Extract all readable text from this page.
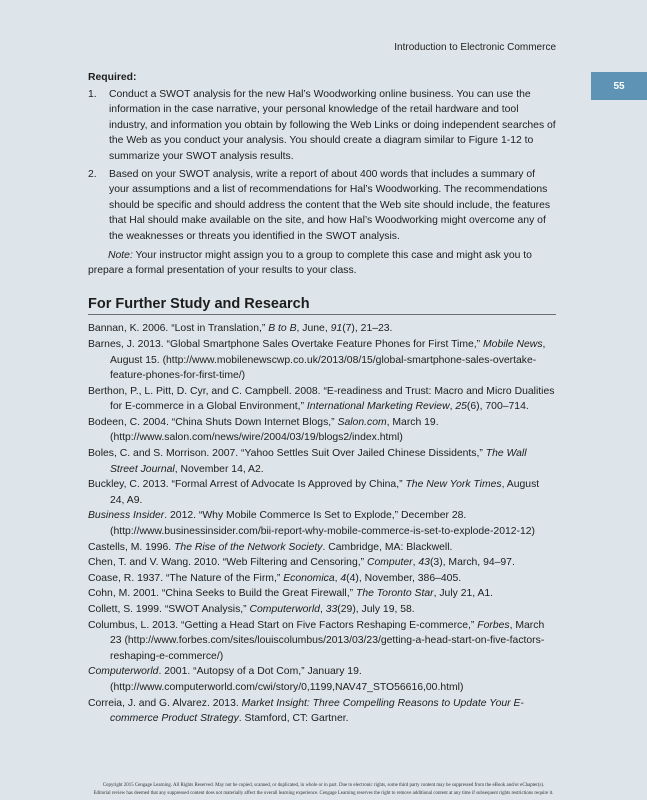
Introduction to Electronic Commerce
55
Required:
1.	Conduct a SWOT analysis for the new Hal’s Woodworking online business. You can use the information in the case narrative, your personal knowledge of the retail hardware and tool industry, and information you obtain by following the Web Links or doing independent searches of the Web as you conduct your analysis. You should create a diagram similar to Figure 1-12 to summarize your SWOT analysis results.
2.	Based on your SWOT analysis, write a report of about 400 words that includes a summary of your assumptions and a list of recommendations for Hal’s Woodworking. The recommendations should be specific and should address the content that the Web site should include, the features that Hal should make available on the site, and how Hal’s Woodworking might overcome any of the weaknesses or threats you identified in the SWOT analysis.
Note: Your instructor might assign you to a group to complete this case and might ask you to prepare a formal presentation of your results to your class.
For Further Study and Research
Bannan, K. 2006. “Lost in Translation,” B to B, June, 91(7), 21–23.
Barnes, J. 2013. “Global Smartphone Sales Overtake Feature Phones for First Time,” Mobile News, August 15. (http://www.mobilenewscwp.co.uk/2013/08/15/global-smartphone-sales-overtake-feature-phones-for-first-time/)
Berthon, P., L. Pitt, D. Cyr, and C. Campbell. 2008. “E-readiness and Trust: Macro and Micro Dualities for E-commerce in a Global Environment,” International Marketing Review, 25(6), 700–714.
Bodeen, C. 2004. “China Shuts Down Internet Blogs,” Salon.com, March 19. (http://www.salon.com/news/wire/2004/03/19/blogs2/index.html)
Boles, C. and S. Morrison. 2007. “Yahoo Settles Suit Over Jailed Chinese Dissidents,” The Wall Street Journal, November 14, A2.
Buckley, C. 2013. “Formal Arrest of Advocate Is Approved by China,” The New York Times, August 24, A9.
Business Insider. 2012. “Why Mobile Commerce Is Set to Explode,” December 28. (http://www.businessinsider.com/bii-report-why-mobile-commerce-is-set-to-explode-2012-12)
Castells, M. 1996. The Rise of the Network Society. Cambridge, MA: Blackwell.
Chen, T. and V. Wang. 2010. “Web Filtering and Censoring,” Computer, 43(3), March, 94–97.
Coase, R. 1937. “The Nature of the Firm,” Economica, 4(4), November, 386–405.
Cohn, M. 2001. “China Seeks to Build the Great Firewall,” The Toronto Star, July 21, A1.
Collett, S. 1999. “SWOT Analysis,” Computerworld, 33(29), July 19, 58.
Columbus, L. 2013. “Getting a Head Start on Five Factors Reshaping E-commerce,” Forbes, March 23 (http://www.forbes.com/sites/louiscolumbus/2013/03/23/getting-a-head-start-on-five-factors-reshaping-e-commerce/)
Computerworld. 2001. “Autopsy of a Dot Com,” January 19. (http://www.computerworld.com/cwi/story/0,1199,NAV47_STO56616,00.html)
Correia, J. and G. Alvarez. 2013. Market Insight: Three Compelling Reasons to Update Your E-commerce Product Strategy. Stamford, CT: Gartner.
Copyright 2015 Cengage Learning. All Rights Reserved. May not be copied, scanned, or duplicated, in whole or in part. Due to electronic rights, some third party content may be suppressed from the eBook and/or eChapter(s).
Editorial review has deemed that any suppressed content does not materially affect the overall learning experience. Cengage Learning reserves the right to remove additional content at any time if subsequent rights restrictions require it.
